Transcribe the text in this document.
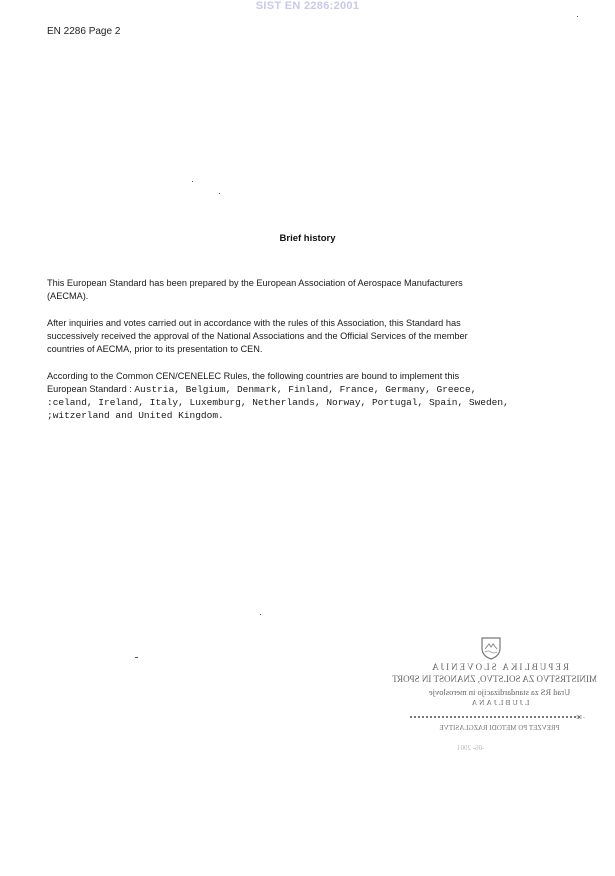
SIST EN 2286:2001
EN 2286 Page 2
Brief history
This European Standard has been prepared by the European Association of Aerospace Manufacturers
(AECMA).
After inquiries and votes carried out in accordance with the rules of this Association, this Standard has
successively received the approval of the National Associations and the Official Services of the member
countries of AECMA, prior to its presentation to CEN.
According to the Common CEN/CENELEC Rules, the following countries are bound to implement this
European Standard : Austria, Belgium, Denmark, Finland, France, Germany, Greece,
:celand, Ireland, Italy, Luxemburg, Netherlands, Norway, Portugal, Spain, Sweden,
;witzerland and United Kingdom.
REPUBLIKA SLOVENIJA
MINISTRSTVO ZA SOLSTVO, ZNANOST IN SPORT
Urad RS za standardizacijo in meroslovje
LJUBLJANA
-12-
PREVZET PO METODI RAZGLASITVE
-06- 2001
